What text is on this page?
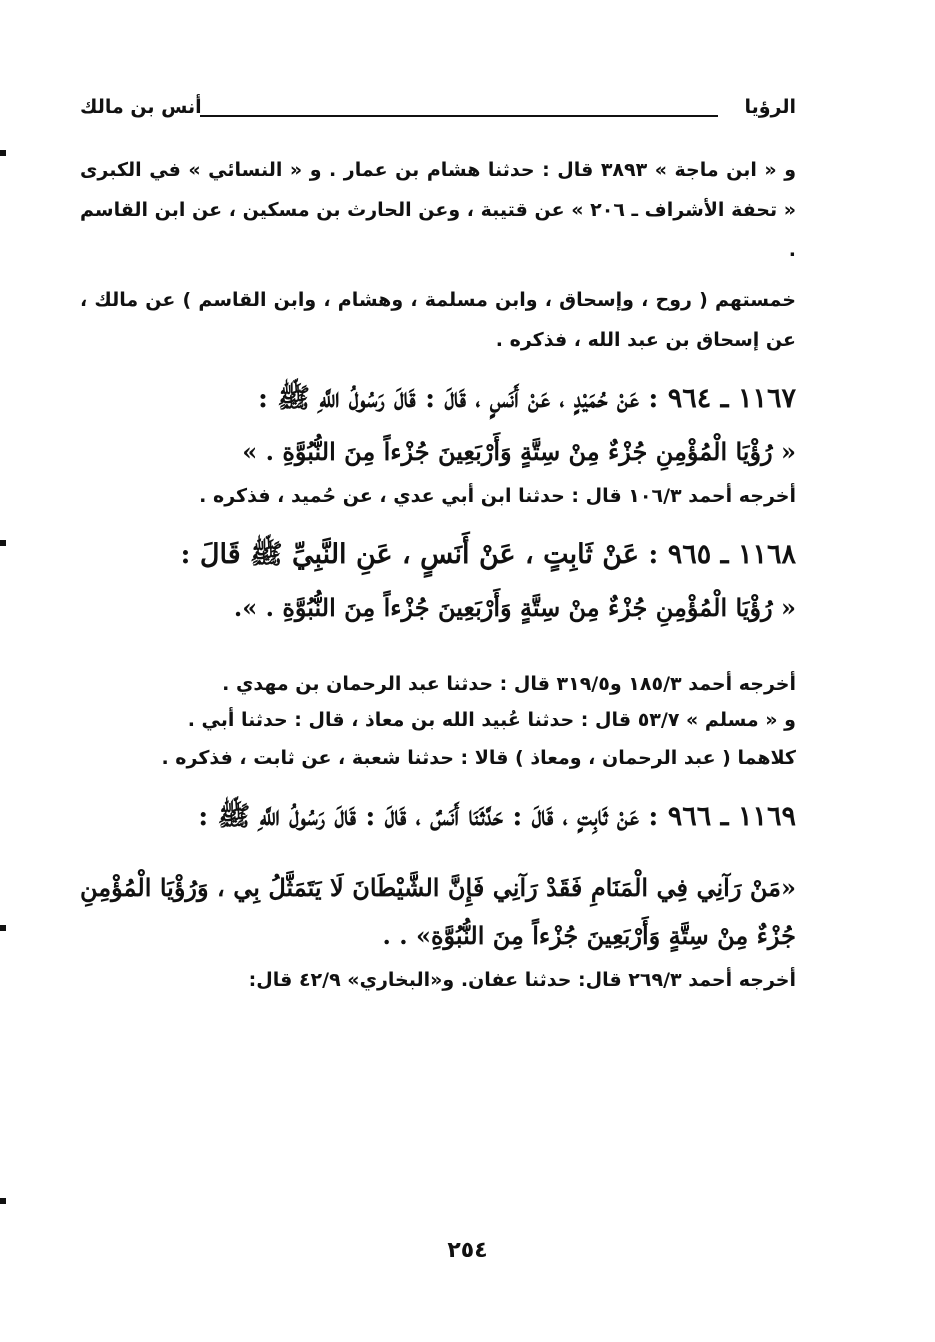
الرؤيا
أنس بن مالك

و « ابن ماجة » ٣٨٩٣ قال : حدثنا هشام بن عمار . و « النسائي » في الكبرى « تحفة الأشراف ـ ٢٠٦ » عن قتيبة ، وعن الحارث بن مسكين ، عن ابن القاسم .

خمستهم ( روح ، وإسحاق ، وابن مسلمة ، وهشام ، وابن القاسم ) عن مالك ، عن إسحاق بن عبد الله ، فذكره .

١١٦٧ ـ ٩٦٤ : عَنْ حُمَيْدٍ ، عَنْ أَنَسٍ ، قَالَ : قَالَ رَسُولُ اللَّهِ ﷺ :

« رُؤْيَا الْمُؤْمِنِ جُزْءٌ مِنْ سِتَّةٍ وَأَرْبَعِينَ جُزْءاً مِنَ النُّبُوَّةِ . »

أخرجه أحمد ١٠٦/٣ قال : حدثنا ابن أبي عدي ، عن حُميد ، فذكره .

١١٦٨ ـ ٩٦٥ : عَنْ ثَابِتٍ ، عَنْ أَنَسٍ ، عَنِ النَّبِيِّ ﷺ قَالَ :

« رُؤْيَا الْمُؤْمِنِ جُزْءٌ مِنْ سِتَّةٍ وَأَرْبَعِينَ جُزْءاً مِنَ النُّبُوَّةِ . ».

أخرجه أحمد ١٨٥/٣ و٣١٩/٥ قال : حدثنا عبد الرحمان بن مهدي .

و « مسلم » ٥٣/٧ قال : حدثنا عُبيد الله بن معاذ ، قال : حدثنا أبي .

كلاهما ( عبد الرحمان ، ومعاذ ) قالا : حدثنا شعبة ، عن ثابت ، فذكره .

١١٦٩ ـ ٩٦٦ : عَنْ ثَابِتٍ ، قَالَ : حَدَّثَنَا أَنَسٌ ، قَالَ : قَالَ رَسُولُ اللَّهِ ﷺ :

«مَنْ رَآنِي فِي الْمَنَامِ فَقَدْ رَآنِي فَإِنَّ الشَّيْطَانَ لَا يَتَمَثَّلُ بِي ، وَرُؤْيَا الْمُؤْمِنِ جُزْءٌ مِنْ سِتَّةٍ وَأَرْبَعِينَ جُزْءاً مِنَ النُّبُوَّةِ» . .

أخرجه أحمد ٢٦٩/٣ قال: حدثنا عفان. و«البخاري» ٤٢/٩ قال:

٢٥٤
